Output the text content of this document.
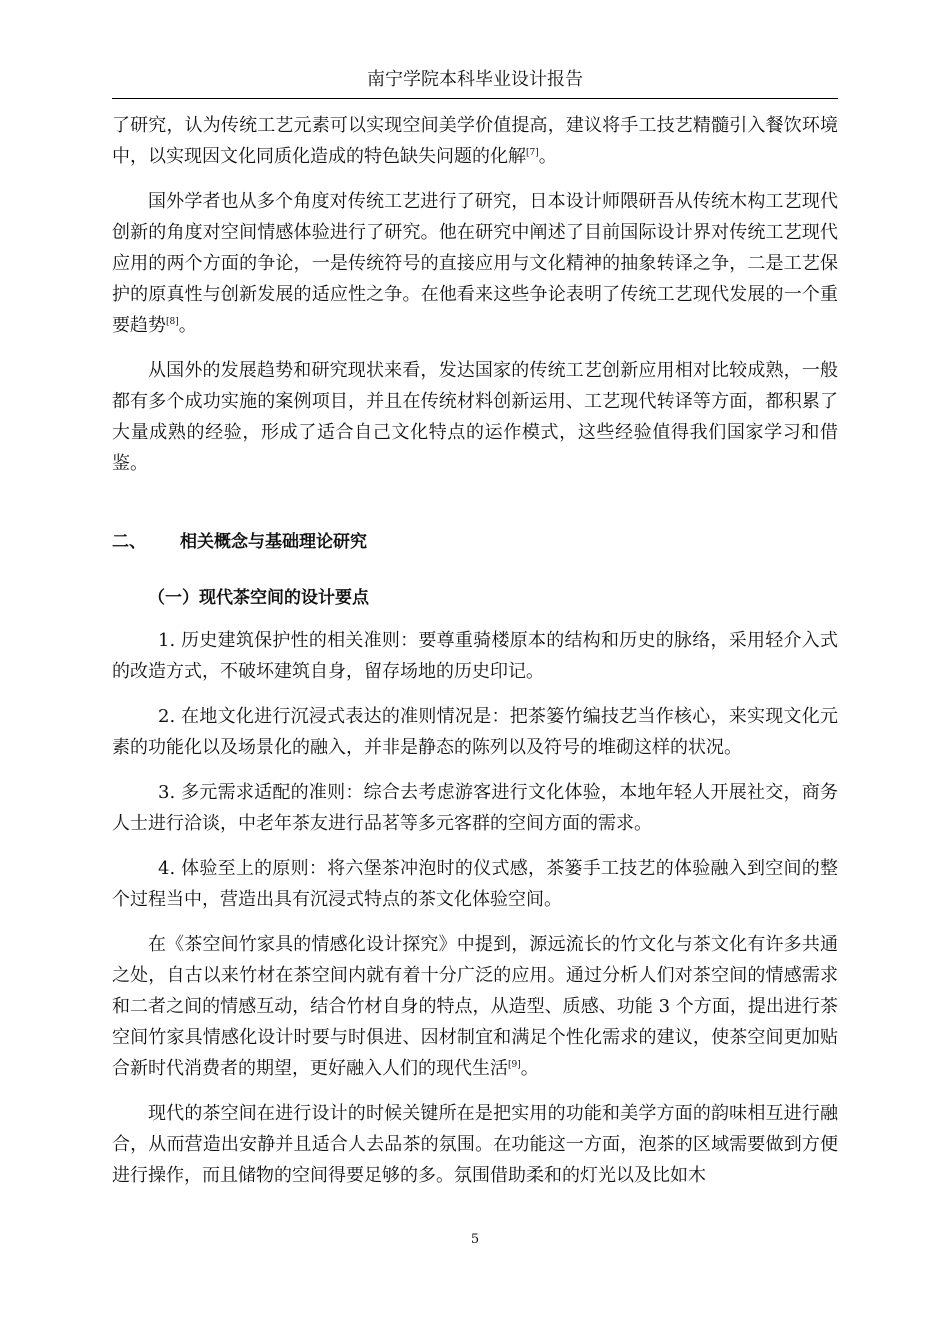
南宁学院本科毕业设计报告

了研究，认为传统工艺元素可以实现空间美学价值提高，建议将手工技艺精髓引入餐饮环境中，以实现因文化同质化造成的特色缺失问题的化解[7]。

国外学者也从多个角度对传统工艺进行了研究，日本设计师隈研吾从传统木构工艺现代创新的角度对空间情感体验进行了研究。他在研究中阐述了目前国际设计界对传统工艺现代应用的两个方面的争论，一是传统符号的直接应用与文化精神的抽象转译之争，二是工艺保护的原真性与创新发展的适应性之争。在他看来这些争论表明了传统工艺现代发展的一个重要趋势[8]。

从国外的发展趋势和研究现状来看，发达国家的传统工艺创新应用相对比较成熟，一般都有多个成功实施的案例项目，并且在传统材料创新运用、工艺现代转译等方面，都积累了大量成熟的经验，形成了适合自己文化特点的运作模式，这些经验值得我们国家学习和借鉴。

二、	相关概念与基础理论研究
（一）现代茶空间的设计要点

1. 历史建筑保护性的相关准则：要尊重骑楼原本的结构和历史的脉络，采用轻介入式的改造方式，不破坏建筑自身，留存场地的历史印记。

2. 在地文化进行沉浸式表达的准则情况是：把茶篓竹编技艺当作核心，来实现文化元素的功能化以及场景化的融入，并非是静态的陈列以及符号的堆砌这样的状况。

3. 多元需求适配的准则：综合去考虑游客进行文化体验，本地年轻人开展社交，商务人士进行洽谈，中老年茶友进行品茗等多元客群的空间方面的需求。

4. 体验至上的原则：将六堡茶冲泡时的仪式感，茶篓手工技艺的体验融入到空间的整个过程当中，营造出具有沉浸式特点的茶文化体验空间。

在《茶空间竹家具的情感化设计探究》中提到，源远流长的竹文化与茶文化有许多共通之处，自古以来竹材在茶空间内就有着十分广泛的应用。通过分析人们对茶空间的情感需求和二者之间的情感互动，结合竹材自身的特点，从造型、质感、功能 3 个方面，提出进行茶空间竹家具情感化设计时要与时俱进、因材制宜和满足个性化需求的建议，使茶空间更加贴合新时代消费者的期望，更好融入人们的现代生活[9]。

现代的茶空间在进行设计的时候关键所在是把实用的功能和美学方面的韵味相互进行融合，从而营造出安静并且适合人去品茶的氛围。在功能这一方面，泡茶的区域需要做到方便进行操作，而且储物的空间得要足够的多。氛围借助柔和的灯光以及比如木

5
